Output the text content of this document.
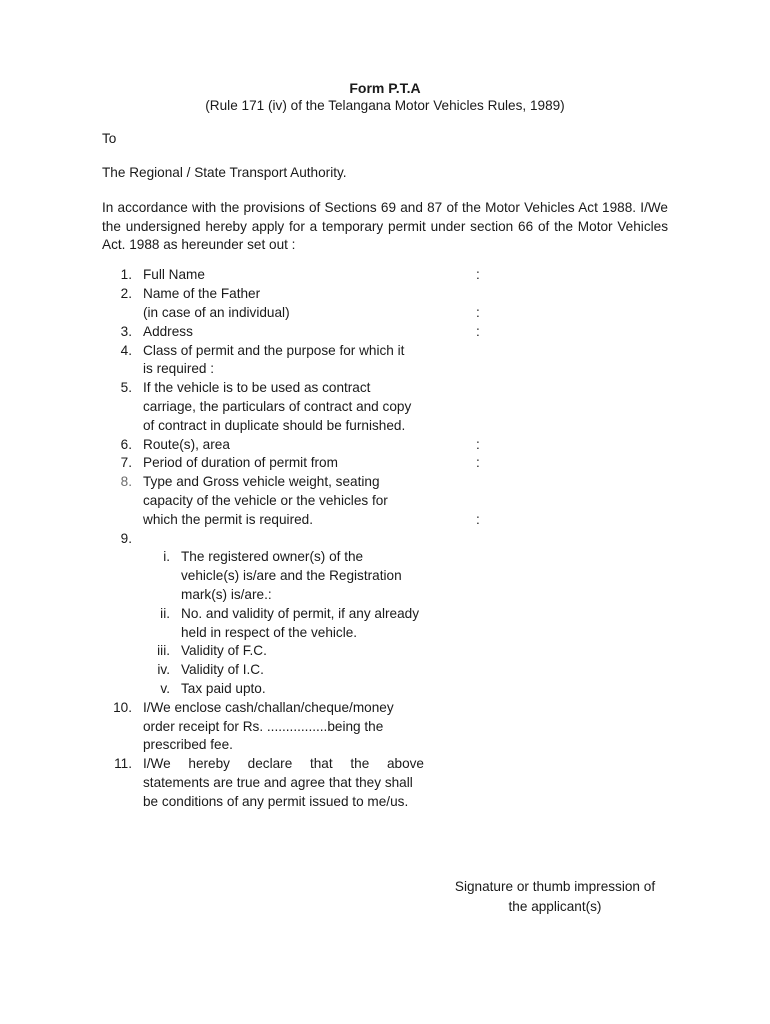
Form P.T.A
(Rule 171 (iv) of the Telangana Motor Vehicles Rules, 1989)
To
The Regional / State Transport Authority.
In accordance with the provisions of Sections 69 and 87 of the Motor Vehicles Act 1988. I/We the undersigned hereby apply for a temporary permit under section 66 of the Motor Vehicles Act. 1988 as hereunder set out :
1. Full Name	:
2. Name of the Father
(in case of an individual)	:
3. Address	:
4. Class of permit and the purpose for which it
is required :
5. If the vehicle is to be used as contract
carriage, the particulars of contract and copy
of contract in duplicate should be furnished.
6. Route(s), area	:
7. Period of duration of permit from	:
8. Type and Gross vehicle weight, seating
capacity of the vehicle or the vehicles for
which the permit is required.	:
9.
i. The registered owner(s) of the
vehicle(s) is/are and the Registration
mark(s) is/are.:
ii. No. and validity of permit, if any already
held in respect of the vehicle.
iii. Validity of F.C.
iv. Validity of I.C.
v. Tax paid upto.
10. I/We enclose cash/challan/cheque/money
order receipt for Rs. ................being the
prescribed fee.
11. I/We hereby declare that the above
statements are true and agree that they shall
be conditions of any permit issued to me/us.
Signature or thumb impression of
the applicant(s)
